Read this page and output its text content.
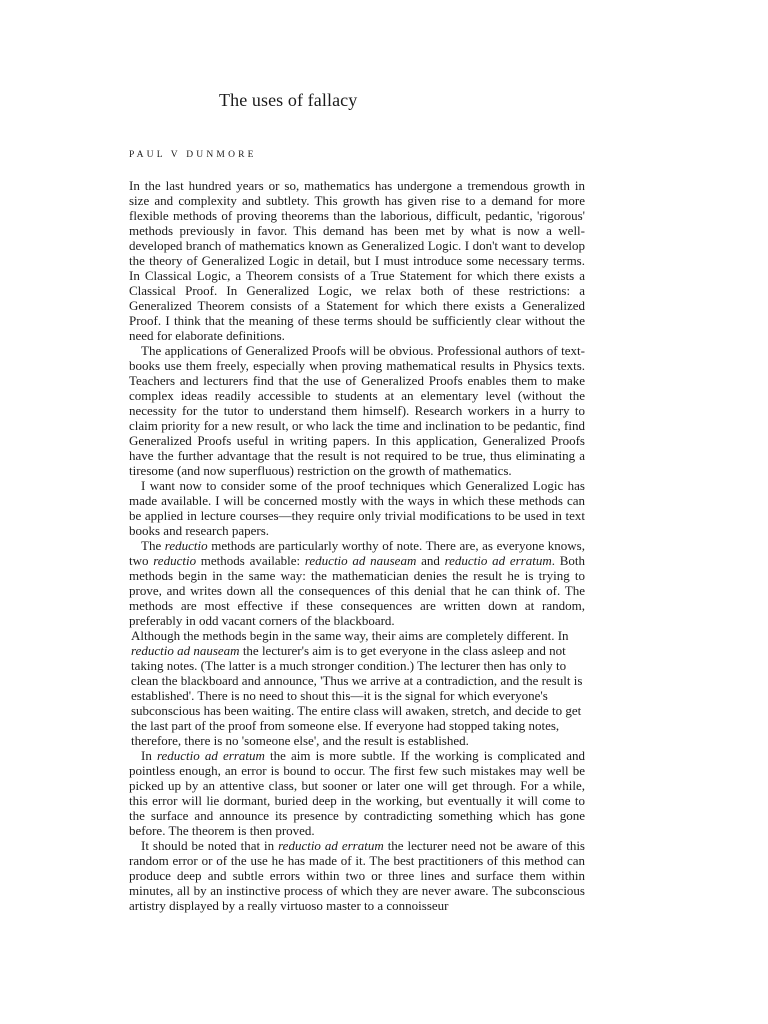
The uses of fallacy

PAUL V DUNMORE

In the last hundred years or so, mathematics has undergone a tremendous growth in size and complexity and subtlety. This growth has given rise to a demand for more flexible methods of proving theorems than the laborious, difficult, pedantic, 'rigorous' methods previously in favor. This demand has been met by what is now a well-developed branch of mathematics known as Generalized Logic. I don't want to develop the theory of Generalized Logic in detail, but I must introduce some necessary terms. In Classical Logic, a Theorem consists of a True Statement for which there exists a Classical Proof. In Generalized Logic, we relax both of these restrictions: a Generalized Theorem consists of a Statement for which there exists a Generalized Proof. I think that the meaning of these terms should be sufficiently clear without the need for elaborate definitions.

The applications of Generalized Proofs will be obvious. Professional authors of text-books use them freely, especially when proving mathematical results in Physics texts. Teachers and lecturers find that the use of Generalized Proofs enables them to make complex ideas readily accessible to students at an elementary level (without the necessity for the tutor to understand them himself). Research workers in a hurry to claim priority for a new result, or who lack the time and inclination to be pedantic, find Generalized Proofs useful in writing papers. In this application, Generalized Proofs have the further advantage that the result is not required to be true, thus eliminating a tiresome (and now superfluous) restriction on the growth of mathematics.

I want now to consider some of the proof techniques which Generalized Logic has made available. I will be concerned mostly with the ways in which these methods can be applied in lecture courses—they require only trivial modifications to be used in text books and research papers.

The reductio methods are particularly worthy of note. There are, as everyone knows, two reductio methods available: reductio ad nauseam and reductio ad erratum. Both methods begin in the same way: the mathematician denies the result he is trying to prove, and writes down all the consequences of this denial that he can think of. The methods are most effective if these consequences are written down at random, preferably in odd vacant corners of the blackboard.

Although the methods begin in the same way, their aims are completely different. In reductio ad nauseam the lecturer's aim is to get everyone in the class asleep and not taking notes. (The latter is a much stronger condition.) The lecturer then has only to clean the blackboard and announce, 'Thus we arrive at a contradiction, and the result is established'. There is no need to shout this—it is the signal for which everyone's subconscious has been waiting. The entire class will awaken, stretch, and decide to get the last part of the proof from someone else. If everyone had stopped taking notes, therefore, there is no 'someone else', and the result is established.

In reductio ad erratum the aim is more subtle. If the working is complicated and pointless enough, an error is bound to occur. The first few such mistakes may well be picked up by an attentive class, but sooner or later one will get through. For a while, this error will lie dormant, buried deep in the working, but eventually it will come to the surface and announce its presence by contradicting something which has gone before. The theorem is then proved.

It should be noted that in reductio ad erratum the lecturer need not be aware of this random error or of the use he has made of it. The best practitioners of this method can produce deep and subtle errors within two or three lines and surface them within minutes, all by an instinctive process of which they are never aware. The subconscious artistry displayed by a really virtuoso master to a connoisseur
